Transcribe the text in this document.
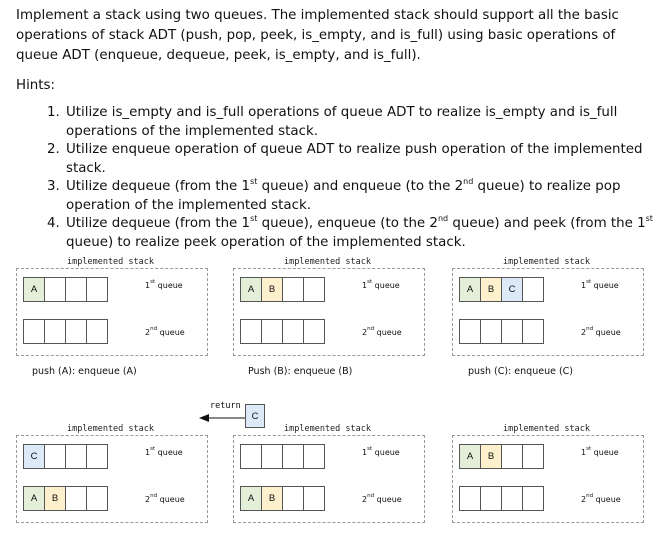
Implement a stack using two queues. The implemented stack should support all the basic operations of stack ADT (push, pop, peek, is_empty, and is_full) using basic operations of queue ADT (enqueue, dequeue, peek, is_empty, and is_full).

Hints:

1. Utilize is_empty and is_full operations of queue ADT to realize is_empty and is_full operations of the implemented stack.
2. Utilize enqueue operation of queue ADT to realize push operation of the implemented stack.
3. Utilize dequeue (from the 1st queue) and enqueue (to the 2nd queue) to realize pop operation of the implemented stack.
4. Utilize dequeue (from the 1st queue), enqueue (to the 2nd queue) and peek (from the 1st queue) to realize peek operation of the implemented stack.
implemented stack
A	1st queue
2nd queue
push (A): enqueue (A)
implemented stack
A	B	1st queue
2nd queue
Push (B): enqueue (B)
implemented stack
A	B	C	1st queue
2nd queue
push (C): enqueue (C)
implemented stack
C	1st queue
A	B	2nd queue
implemented stack
1st queue
A	B	2nd queue
implemented stack
A	B	1st queue
2nd queue
return
C
